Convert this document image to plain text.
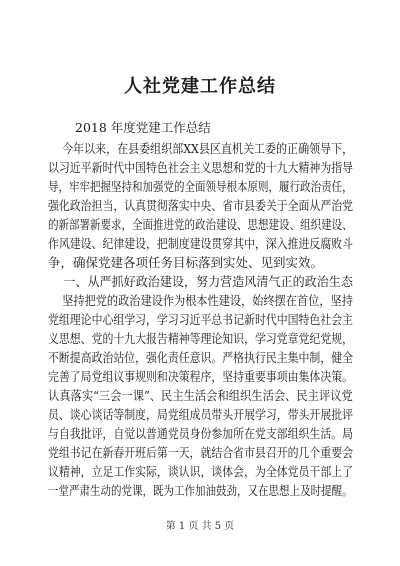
人社党建工作总结
2018 年度党建工作总结
今年以来，在县委组织部XX县区直机关工委的正确领导下，
以习近平新时代中国特色社会主义思想和党的十九大精神为指导
导，牢牢把握坚持和加强党的全面领导根本原则，履行政治责任，
强化政治担当，认真贯彻落实中央、省市县委关于全面从严治党
的新部署新要求，全面推进党的政治建设、思想建设、组织建设、
作风建设、纪律建设，把制度建设贯穿其中，深入推进反腐败斗
争，确保党建各项任务目标落到实处、见到实效。
一、从严抓好政治建设，努力营造风清气正的政治生态
坚持把党的政治建设作为根本性建设，始终摆在首位，坚持
党组理论中心组学习，学习习近平总书记新时代中国特色社会主
义思想、党的十九大报告精神等理论知识，学习党章党纪党规，
不断提高政治站位，强化责任意识。严格执行民主集中制，健全
完善了局党组议事规则和决策程序，坚持重要事项由集体决策。
认真落实“三会一课”、民主生活会和组织生活会、民主评议党
员、谈心谈话等制度，局党组成员带头开展学习，带头开展批评
与自我批评，自觉以普通党员身份参加所在党支部组织生活。局
党组书记在新春开班后第一天，就结合省市县召开的几个重要会
议精神，立足工作实际，谈认识，谈体会，为全体党员干部上了
一堂严肃生动的党课，既为工作加油鼓劲，又在思想上及时提醒。
第 1 页 共 5 页
